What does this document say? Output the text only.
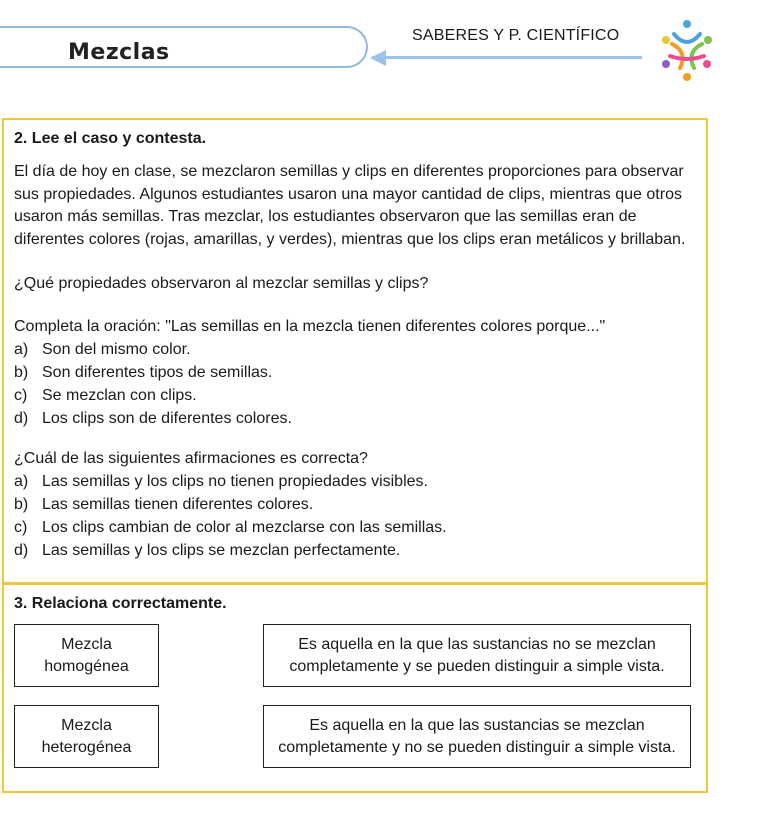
Mezclas
SABERES Y P. CIENTÍFICO
2. Lee el caso y contesta.
El día de hoy en clase, se mezclaron semillas y clips en diferentes proporciones para observar
sus propiedades. Algunos estudiantes usaron una mayor cantidad de clips, mientras que otros
usaron más semillas. Tras mezclar, los estudiantes observaron que las semillas eran de
diferentes colores (rojas, amarillas, y verdes), mientras que los clips eran metálicos y brillaban.
¿Qué propiedades observaron al mezclar semillas y clips?
Completa la oración: "Las semillas en la mezcla tienen diferentes colores porque..."
a) Son del mismo color.
b) Son diferentes tipos de semillas.
c) Se mezclan con clips.
d) Los clips son de diferentes colores.
¿Cuál de las siguientes afirmaciones es correcta?
a) Las semillas y los clips no tienen propiedades visibles.
b) Las semillas tienen diferentes colores.
c) Los clips cambian de color al mezclarse con las semillas.
d) Las semillas y los clips se mezclan perfectamente.
3. Relaciona correctamente.
Mezcla
homogénea
Es aquella en la que las sustancias no se mezclan
completamente y se pueden distinguir a simple vista.
Mezcla
heterogénea
Es aquella en la que las sustancias se mezclan
completamente y no se pueden distinguir a simple vista.
